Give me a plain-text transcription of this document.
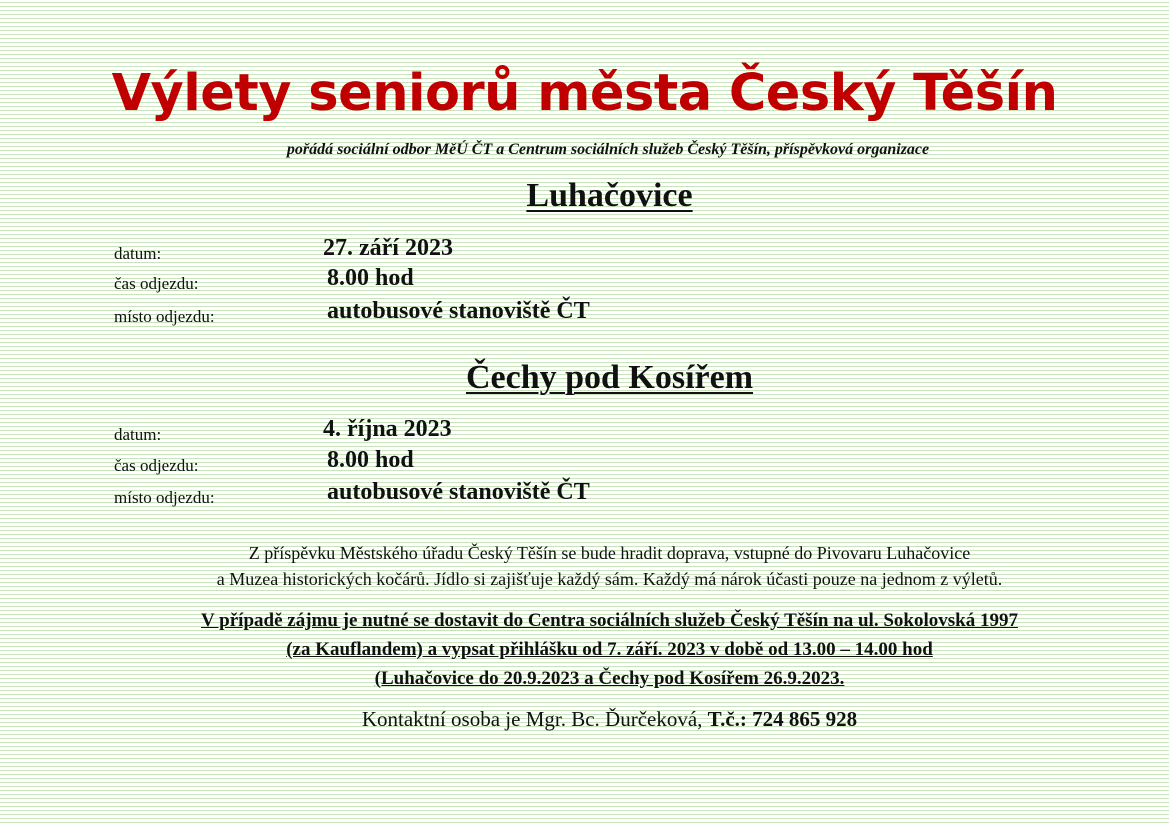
Výlety seniorů města Český Těšín
pořádá sociální odbor MěÚ ČT a Centrum sociálních služeb Český Těšín, příspěvková organizace
Luhačovice
datum:	27. září 2023
čas odjezdu:	8.00 hod
místo odjezdu:	autobusové stanoviště ČT
Čechy pod Kosířem
datum:	4. října 2023
čas odjezdu:	8.00 hod
místo odjezdu:	autobusové stanoviště ČT
Z příspěvku Městského úřadu Český Těšín se bude hradit doprava, vstupné do Pivovaru Luhačovice
a Muzea historických kočárů. Jídlo si zajišťuje každý sám. Každý má nárok účasti pouze na jednom z výletů.
V případě zájmu je nutné se dostavit do Centra sociálních služeb Český Těšín na ul. Sokolovská 1997
(za Kauflandem) a vypsat přihlášku od 7. září. 2023 v době od 13.00 – 14.00 hod
(Luhačovice do 20.9.2023 a Čechy pod Kosířem 26.9.2023.
Kontaktní osoba je Mgr. Bc. Ďurčeková, T.č.: 724 865 928
